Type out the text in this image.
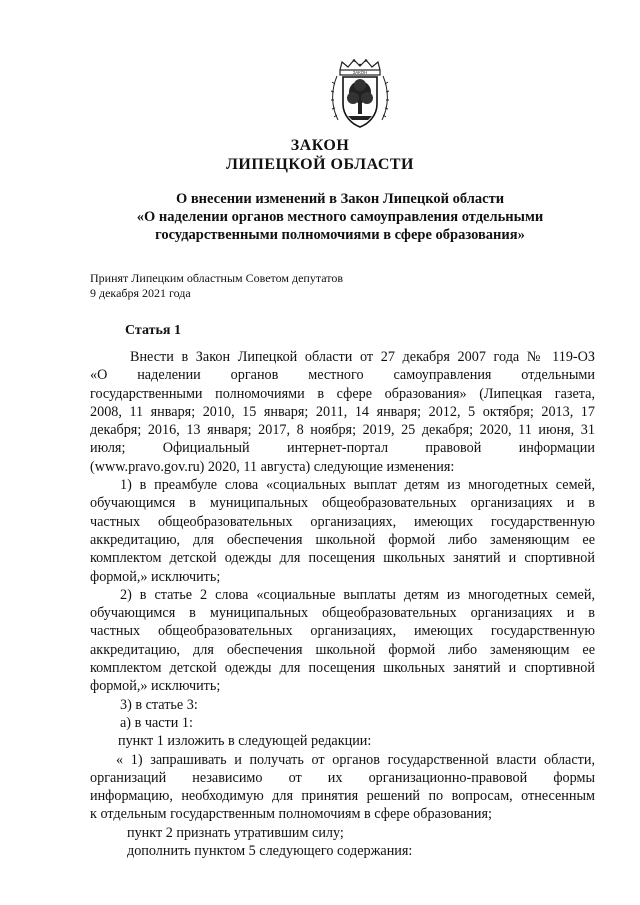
ЗАКОН
ЗАКОН
ЛИПЕЦКОЙ ОБЛАСТИ
О внесении изменений в Закон Липецкой области
«О наделении органов местного самоуправления отдельными
государственными полномочиями в сфере образования»
Принят Липецким областным Советом депутатов
9 декабря 2021 года
Статья 1
Внести в Закон Липецкой области от 27 декабря 2007 года № 119-ОЗ
«О наделении органов местного самоуправления отдельными
государственными полномочиями в сфере образования» (Липецкая газета,
2008, 11 января; 2010, 15 января; 2011, 14 января; 2012, 5 октября; 2013, 17
декабря; 2016, 13 января; 2017, 8 ноября; 2019, 25 декабря; 2020, 11 июня, 31
июля; Официальный интернет-портал правовой информации
(www.pravo.gov.ru) 2020, 11 августа) следующие изменения:
1) в преамбуле слова «социальных выплат детям из многодетных семей,
обучающимся в муниципальных общеобразовательных организациях и в
частных общеобразовательных организациях, имеющих государственную
аккредитацию, для обеспечения школьной формой либо заменяющим ее
комплектом детской одежды для посещения школьных занятий и спортивной
формой,» исключить;
2) в статье 2 слова «социальные выплаты детям из многодетных семей,
обучающимся в муниципальных общеобразовательных организациях и в
частных общеобразовательных организациях, имеющих государственную
аккредитацию, для обеспечения школьной формой либо заменяющим ее
комплектом детской одежды для посещения школьных занятий и спортивной
формой,» исключить;
3) в статье 3:
а) в части 1:
пункт 1 изложить в следующей редакции:
« 1) запрашивать и получать от органов государственной власти области,
организаций независимо от их организационно-правовой формы
информацию, необходимую для принятия решений по вопросам, отнесенным
к отдельным государственным полномочиям в сфере образования;
пункт 2 признать утратившим силу;
дополнить пунктом 5 следующего содержания:
